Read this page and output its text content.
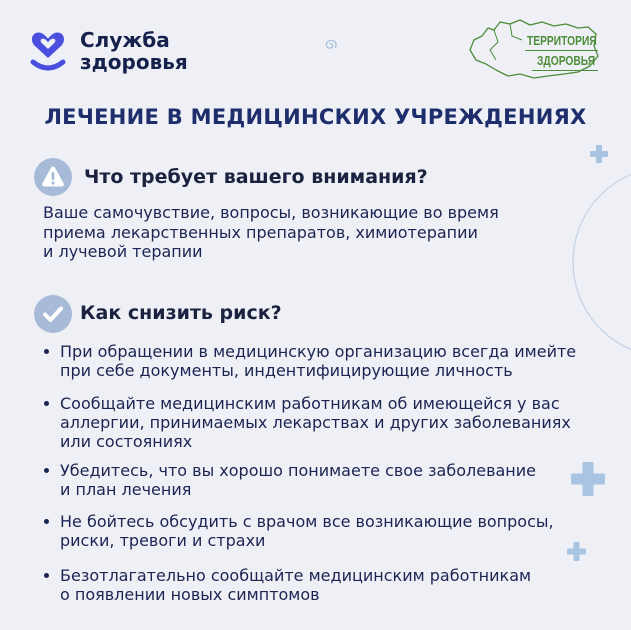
Служба
здоровья
ТЕРРИТОРИЯ
ЗДОРОВЬЯ
ЛЕЧЕНИЕ В МЕДИЦИНСКИХ УЧРЕЖДЕНИЯХ
Что требует вашего внимания?
Ваше самочувствие, вопросы, возникающие во время
приема лекарственных препаратов, химиотерапии
и лучевой терапии
Как снизить риск?
При обращении в медицинскую организацию всегда имейте
при себе документы, индентифицирующие личность
Сообщайте медицинским работникам об имеющейся у вас
аллергии, принимаемых лекарствах и других заболеваниях
или состояниях
Убедитесь, что вы хорошо понимаете свое заболевание
и план лечения
Не бойтесь обсудить с врачом все возникающие вопросы,
риски, тревоги и страхи
Безотлагательно сообщайте медицинским работникам
о появлении новых симптомов
